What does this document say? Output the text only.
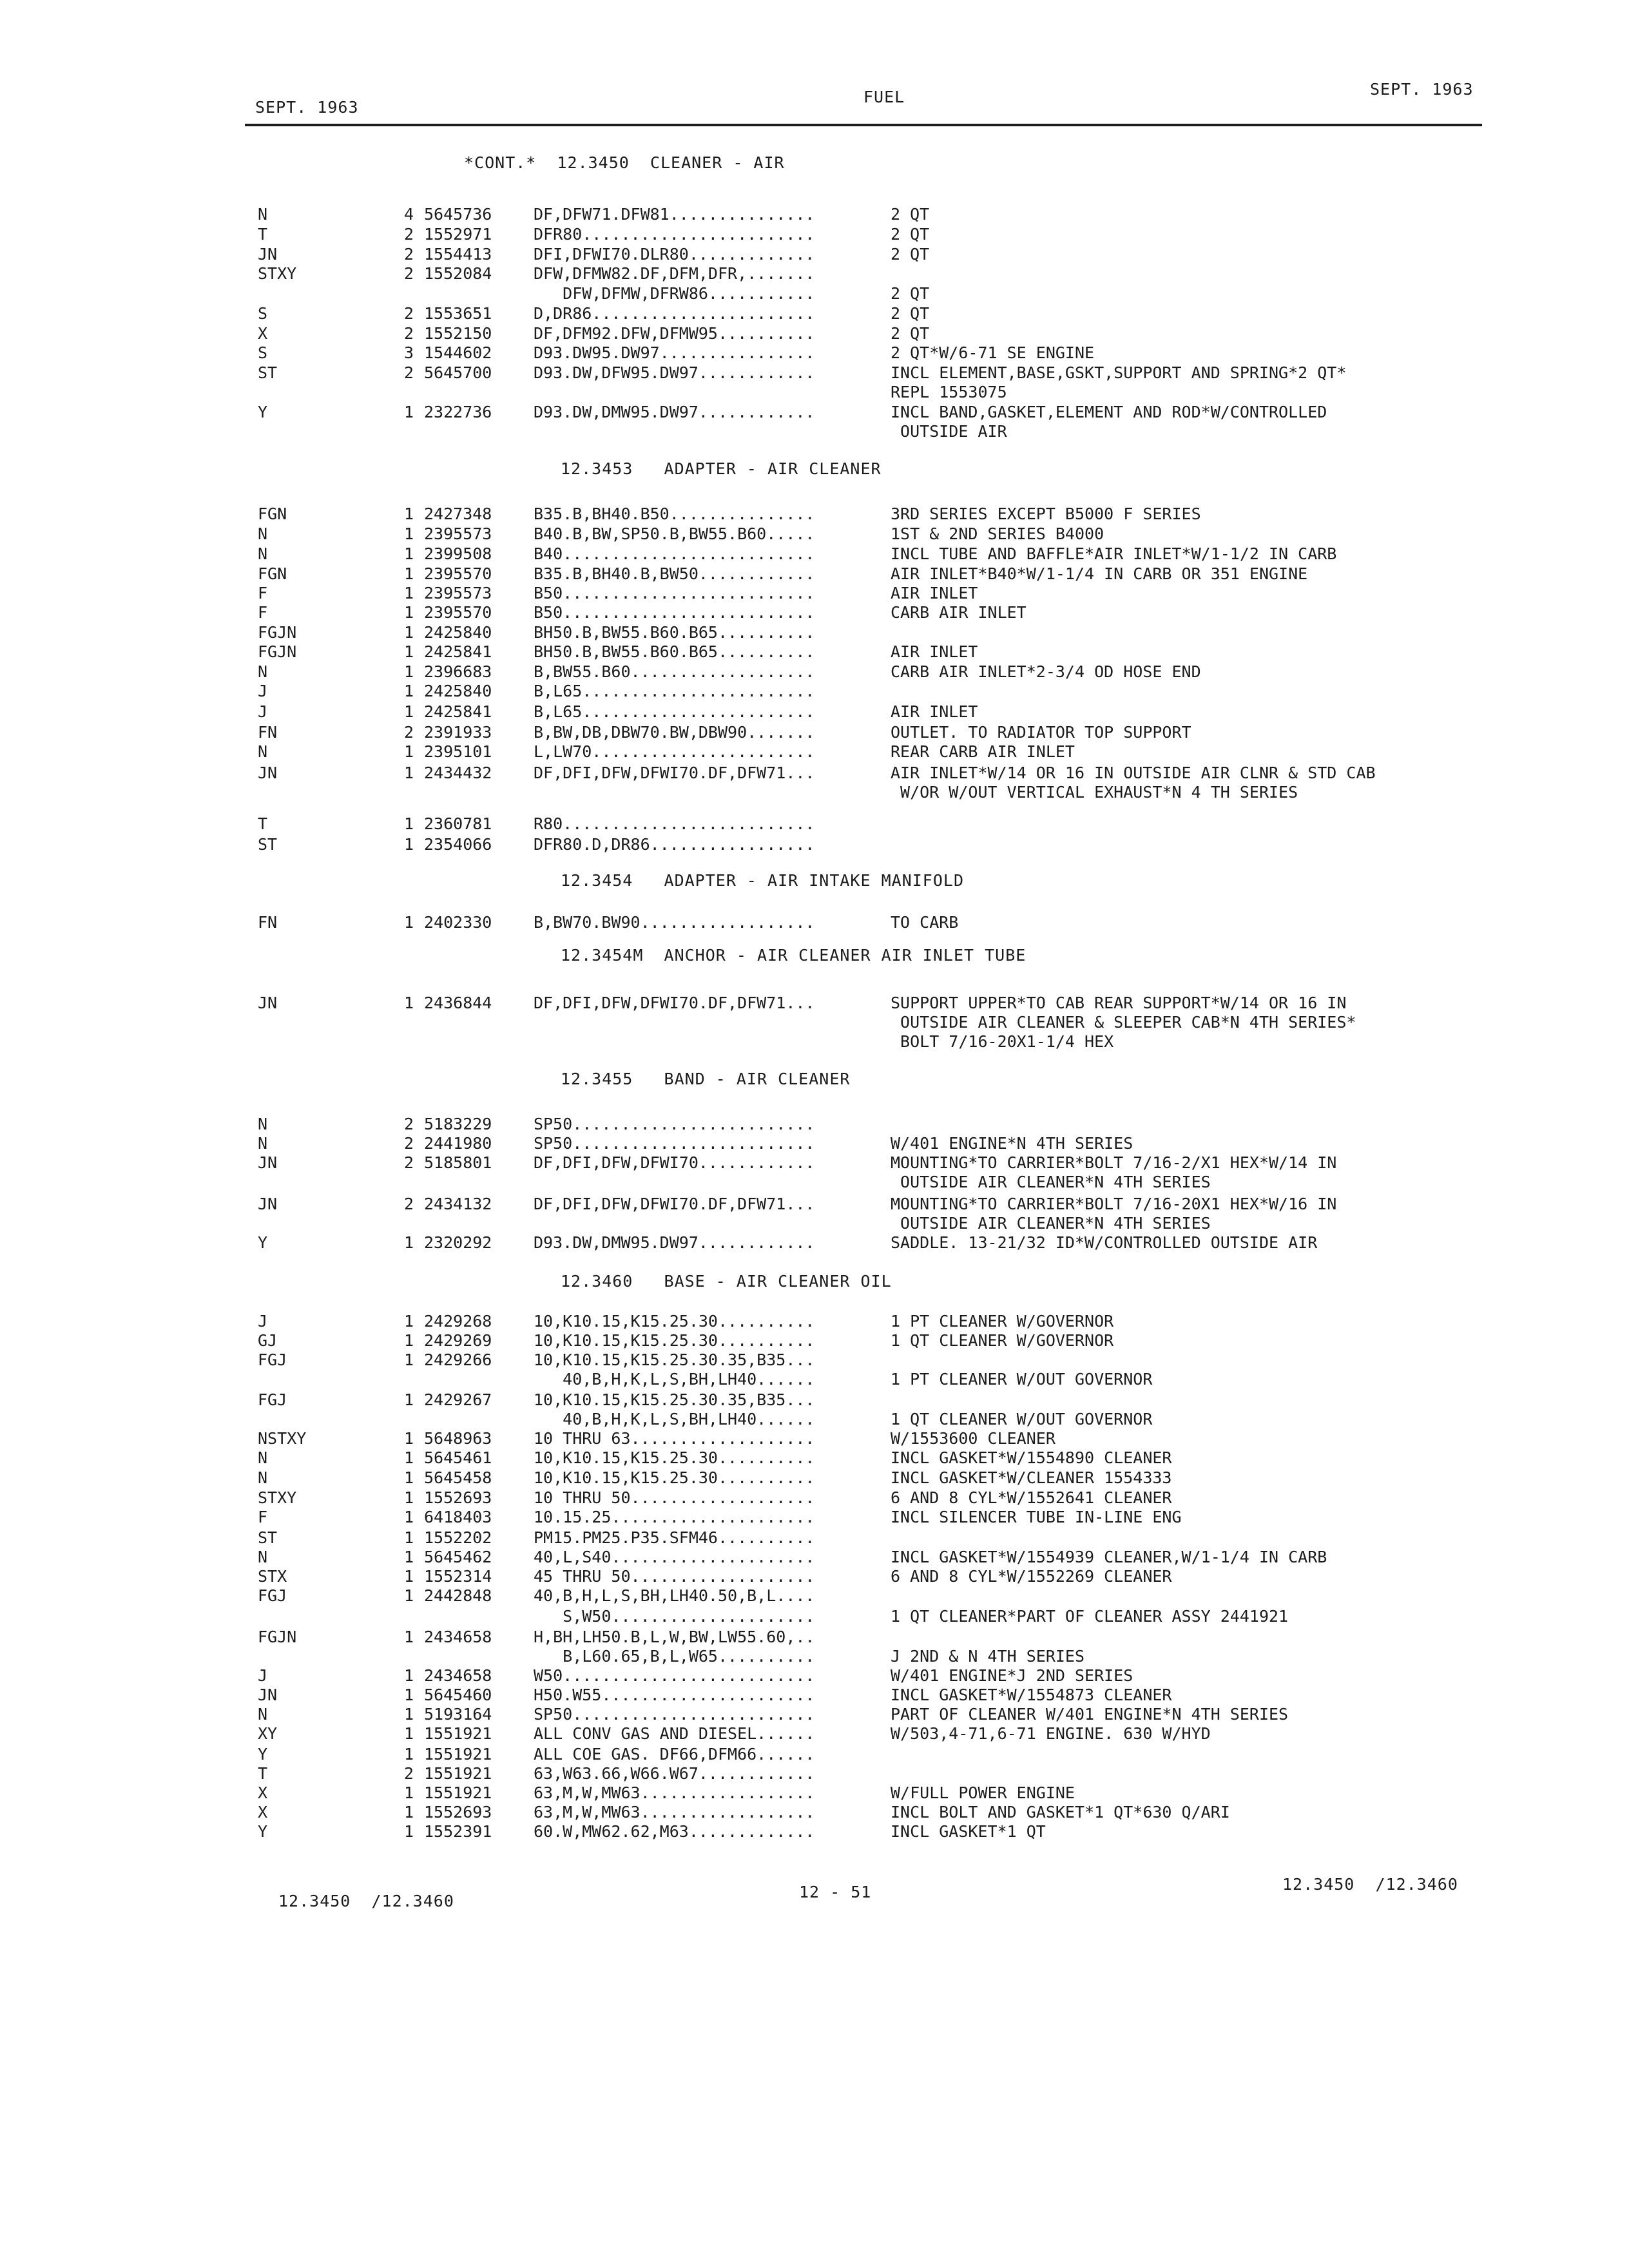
SEPT. 1963
FUEL	SEPT. 1963
*CONT.*  12.3450  CLEANER - AIR
N	4 5645736	DF,DFW71.DFW81...............	2 QT
T	2 1552971	DFR80........................	2 QT
JN	2 1554413	DFI,DFWI70.DLR80.............	2 QT
STXY	2 1552084	DFW,DFMW82.DF,DFM,DFR,.......
DFW,DFMW,DFRW86...........	2 QT
S	2 1553651	D,DR86.......................	2 QT
X	2 1552150	DF,DFM92.DFW,DFMW95..........	2 QT
S	3 1544602	D93.DW95.DW97................	2 QT*W/6-71 SE ENGINE
ST	2 5645700	D93.DW,DFW95.DW97............	INCL ELEMENT,BASE,GSKT,SUPPORT AND SPRING*2 QT*
REPL 1553075
Y	1 2322736	D93.DW,DMW95.DW97............	INCL BAND,GASKET,ELEMENT AND ROD*W/CONTROLLED
OUTSIDE AIR
12.3453   ADAPTER - AIR CLEANER
FGN	1 2427348	B35.B,BH40.B50...............	3RD SERIES EXCEPT B5000 F SERIES
N	1 2395573	B40.B,BW,SP50.B,BW55.B60.....	1ST & 2ND SERIES B4000
N	1 2399508	B40..........................	INCL TUBE AND BAFFLE*AIR INLET*W/1-1/2 IN CARB
FGN	1 2395570	B35.B,BH40.B,BW50............	AIR INLET*B40*W/1-1/4 IN CARB OR 351 ENGINE
F	1 2395573	B50..........................	AIR INLET
F	1 2395570	B50..........................	CARB AIR INLET
FGJN	1 2425840	BH50.B,BW55.B60.B65..........
FGJN	1 2425841	BH50.B,BW55.B60.B65..........	AIR INLET
N	1 2396683	B,BW55.B60...................	CARB AIR INLET*2-3/4 OD HOSE END
J	1 2425840	B,L65........................
J	1 2425841	B,L65........................	AIR INLET
FN	2 2391933	B,BW,DB,DBW70.BW,DBW90.......	OUTLET. TO RADIATOR TOP SUPPORT
N	1 2395101	L,LW70.......................	REAR CARB AIR INLET
JN	1 2434432	DF,DFI,DFW,DFWI70.DF,DFW71...	AIR INLET*W/14 OR 16 IN OUTSIDE AIR CLNR & STD CAB
W/OR W/OUT VERTICAL EXHAUST*N 4 TH SERIES
T	1 2360781	R80..........................
ST	1 2354066	DFR80.D,DR86.................
12.3454   ADAPTER - AIR INTAKE MANIFOLD
FN	1 2402330	B,BW70.BW90..................	TO CARB
12.3454M  ANCHOR - AIR CLEANER AIR INLET TUBE
JN	1 2436844	DF,DFI,DFW,DFWI70.DF,DFW71...	SUPPORT UPPER*TO CAB REAR SUPPORT*W/14 OR 16 IN
OUTSIDE AIR CLEANER & SLEEPER CAB*N 4TH SERIES*
BOLT 7/16-20X1-1/4 HEX
12.3455   BAND - AIR CLEANER
N	2 5183229	SP50.........................
N	2 2441980	SP50.........................	W/401 ENGINE*N 4TH SERIES
JN	2 5185801	DF,DFI,DFW,DFWI70............	MOUNTING*TO CARRIER*BOLT 7/16-2/X1 HEX*W/14 IN
OUTSIDE AIR CLEANER*N 4TH SERIES
JN	2 2434132	DF,DFI,DFW,DFWI70.DF,DFW71...	MOUNTING*TO CARRIER*BOLT 7/16-20X1 HEX*W/16 IN
OUTSIDE AIR CLEANER*N 4TH SERIES
Y	1 2320292	D93.DW,DMW95.DW97............	SADDLE. 13-21/32 ID*W/CONTROLLED OUTSIDE AIR
12.3460   BASE - AIR CLEANER OIL
J	1 2429268	10,K10.15,K15.25.30..........	1 PT CLEANER W/GOVERNOR
GJ	1 2429269	10,K10.15,K15.25.30..........	1 QT CLEANER W/GOVERNOR
FGJ	1 2429266	10,K10.15,K15.25.30.35,B35...
40,B,H,K,L,S,BH,LH40......	1 PT CLEANER W/OUT GOVERNOR
FGJ	1 2429267	10,K10.15,K15.25.30.35,B35...
40,B,H,K,L,S,BH,LH40......	1 QT CLEANER W/OUT GOVERNOR
NSTXY	1 5648963	10 THRU 63...................	W/1553600 CLEANER
N	1 5645461	10,K10.15,K15.25.30..........	INCL GASKET*W/1554890 CLEANER
N	1 5645458	10,K10.15,K15.25.30..........	INCL GASKET*W/CLEANER 1554333
STXY	1 1552693	10 THRU 50...................	6 AND 8 CYL*W/1552641 CLEANER
F	1 6418403	10.15.25.....................	INCL SILENCER TUBE IN-LINE ENG
ST	1 1552202	PM15.PM25.P35.SFM46..........
N	1 5645462	40,L,S40.....................	INCL GASKET*W/1554939 CLEANER,W/1-1/4 IN CARB
STX	1 1552314	45 THRU 50...................	6 AND 8 CYL*W/1552269 CLEANER
FGJ	1 2442848	40,B,H,L,S,BH,LH40.50,B,L....
S,W50.....................	1 QT CLEANER*PART OF CLEANER ASSY 2441921
FGJN	1 2434658	H,BH,LH50.B,L,W,BW,LW55.60,..
B,L60.65,B,L,W65..........	J 2ND & N 4TH SERIES
J	1 2434658	W50..........................	W/401 ENGINE*J 2ND SERIES
JN	1 5645460	H50.W55......................	INCL GASKET*W/1554873 CLEANER
N	1 5193164	SP50.........................	PART OF CLEANER W/401 ENGINE*N 4TH SERIES
XY	1 1551921	ALL CONV GAS AND DIESEL......	W/503,4-71,6-71 ENGINE. 630 W/HYD
Y	1 1551921	ALL COE GAS. DF66,DFM66......
T	2 1551921	63,W63.66,W66.W67............
X	1 1551921	63,M,W,MW63..................	W/FULL POWER ENGINE
X	1 1552693	63,M,W,MW63..................	INCL BOLT AND GASKET*1 QT*630 Q/ARI
Y	1 1552391	60.W,MW62.62,M63.............	INCL GASKET*1 QT
12.3450  /12.3460	12 - 51	12.3450  /12.3460
